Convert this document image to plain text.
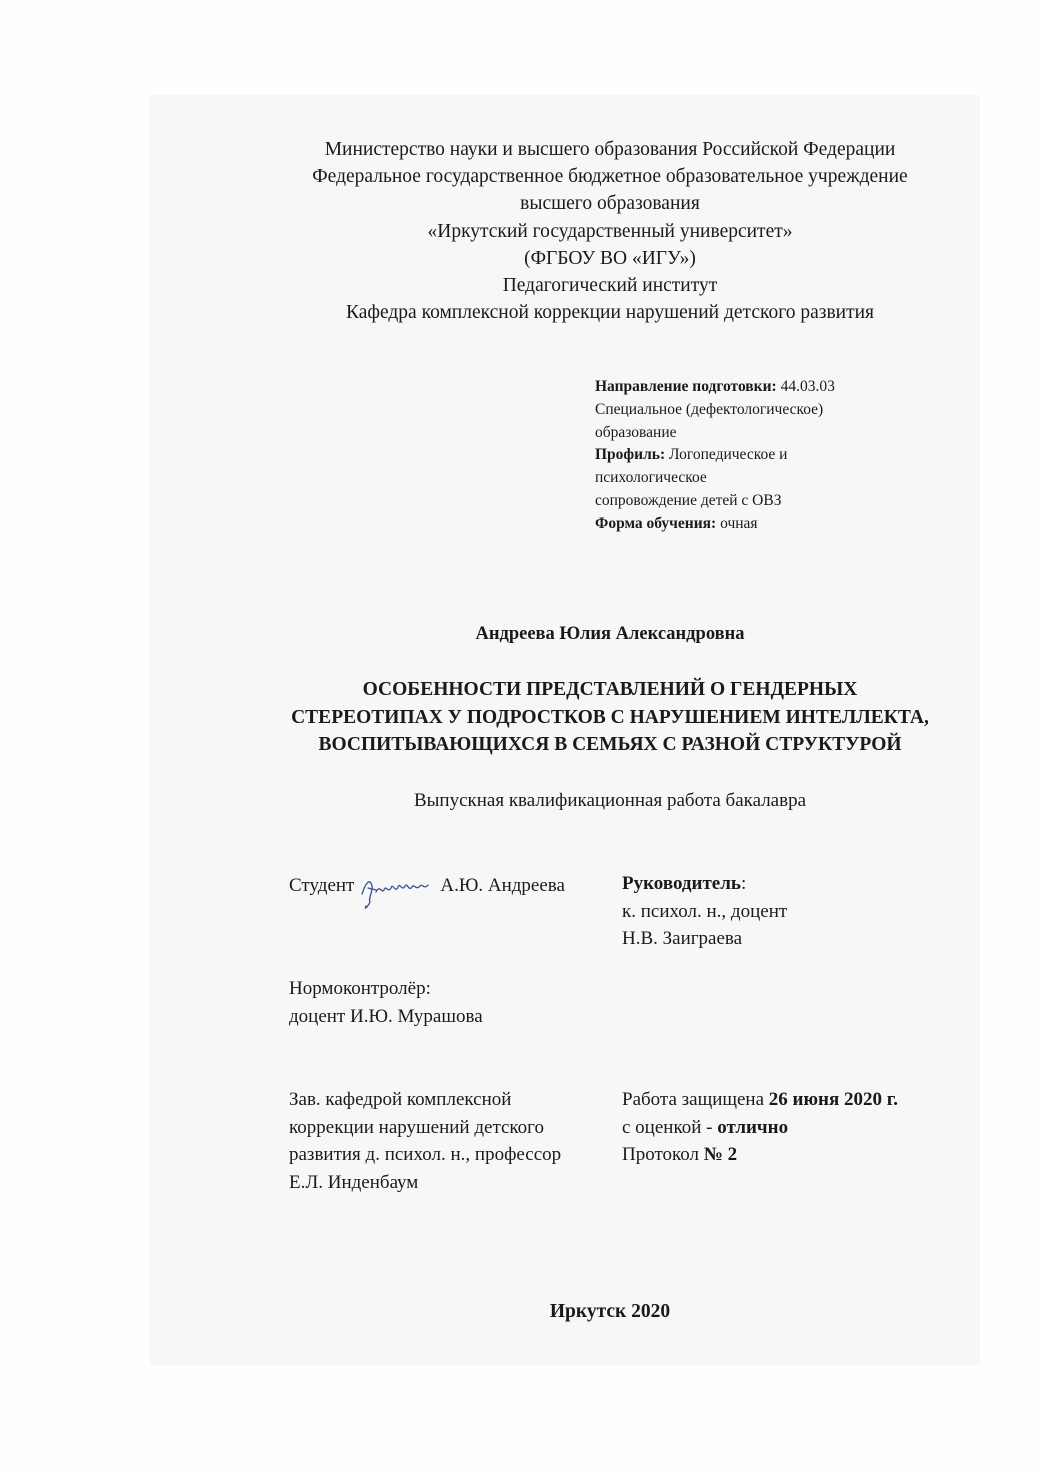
Министерство науки и высшего образования Российской Федерации
Федеральное государственное бюджетное образовательное учреждение
высшего образования
«Иркутский государственный университет»
(ФГБОУ ВО «ИГУ»)
Педагогический институт
Кафедра комплексной коррекции нарушений детского развития
Направление подготовки: 44.03.03
Специальное (дефектологическое)
образование
Профиль: Логопедическое и
психологическое
сопровождение детей с ОВЗ
Форма обучения: очная
Андреева Юлия Александровна
ОСОБЕННОСТИ ПРЕДСТАВЛЕНИЙ О ГЕНДЕРНЫХ
СТЕРЕОТИПАХ У ПОДРОСТКОВ С НАРУШЕНИЕМ ИНТЕЛЛЕКТА,
ВОСПИТЫВАЮЩИХСЯ В СЕМЬЯХ С РАЗНОЙ СТРУКТУРОЙ
Выпускная квалификационная работа бакалавра
Студент	А.Ю. Андреева	Руководитель:
к. психол. н., доцент
Н.В. Заиграева
Нормоконтролёр:
доцент И.Ю. Мурашова
Зав. кафедрой комплексной
коррекции нарушений детского
развития д. психол. н., профессор
Е.Л. Инденбаум
Работа защищена 26 июня 2020 г.
с оценкой - отлично
Протокол № 2
Иркутск 2020
